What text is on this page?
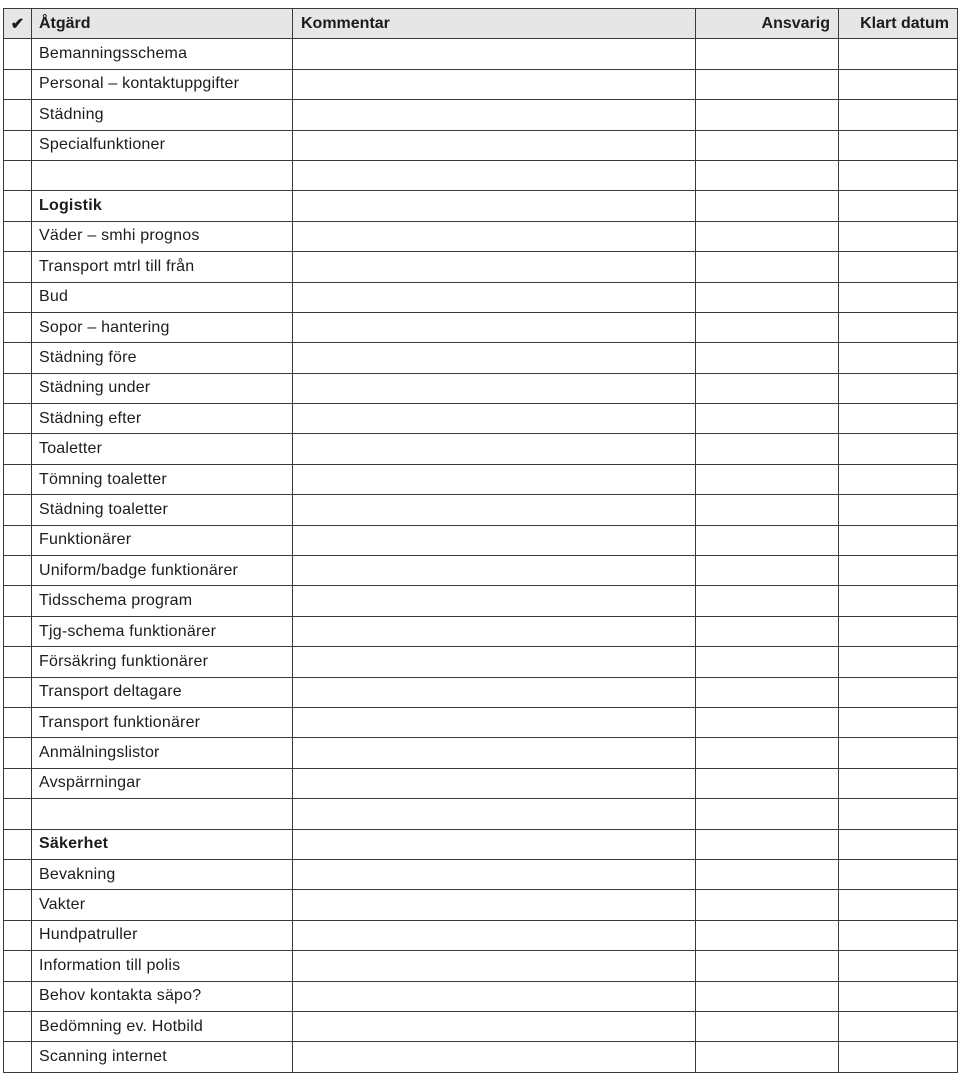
✔	Åtgärd	Kommentar	Ansvarig	Klart datum
	Bemanningsschema			
	Personal – kontaktuppgifter			
	Städning			
	Specialfunktioner			

	Logistik			
	Väder – smhi prognos			
	Transport mtrl till från			
	Bud			
	Sopor – hantering			
	Städning före			
	Städning under			
	Städning efter			
	Toaletter			
	Tömning toaletter			
	Städning toaletter			
	Funktionärer			
	Uniform/badge funktionärer			
	Tidsschema program			
	Tjg-schema funktionärer			
	Försäkring funktionärer			
	Transport deltagare			
	Transport funktionärer			
	Anmälningslistor			
	Avspärrningar			

	Säkerhet			
	Bevakning			
	Vakter			
	Hundpatruller			
	Information till polis			
	Behov kontakta säpo?			
	Bedömning ev. Hotbild			
	Scanning internet			
